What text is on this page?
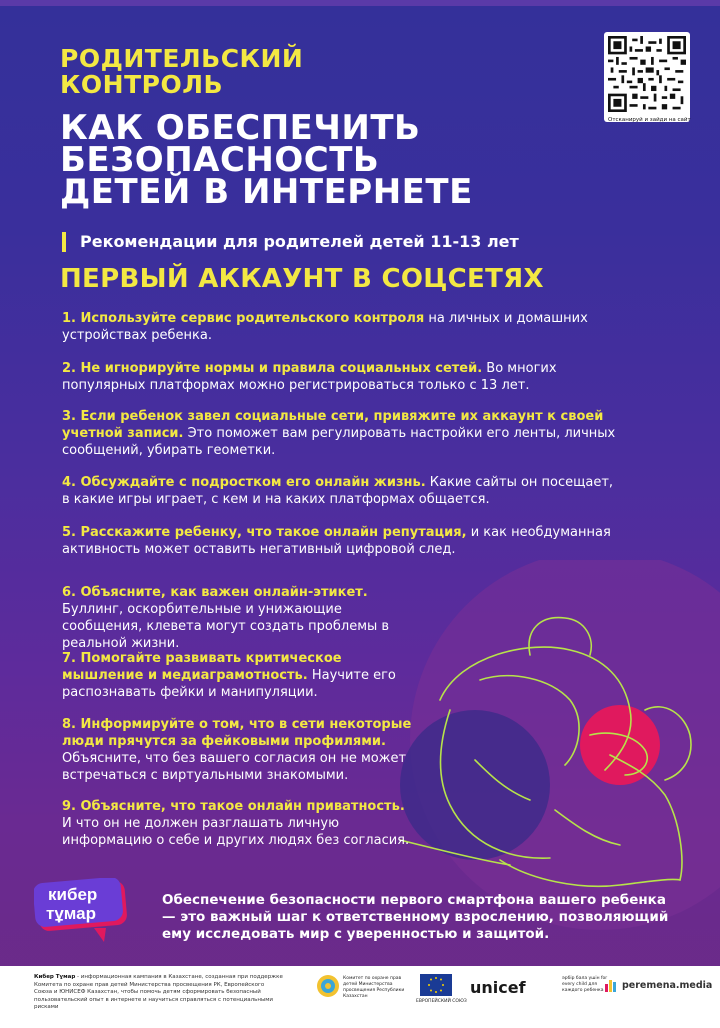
РОДИТЕЛЬСКИЙ
КОНТРОЛЬ
КАК ОБЕСПЕЧИТЬ
БЕЗОПАСНОСТЬ
ДЕТЕЙ В ИНТЕРНЕТЕ
Рекомендации для родителей детей 11-13 лет
Отсканируй и зайди на сайт
ПЕРВЫЙ АККАУНТ В СОЦСЕТЯХ
1. Используйте сервис родительского контроля на личных и домашних устройствах ребенка.
2. Не игнорируйте нормы и правила социальных сетей. Во многих популярных платформах можно регистрироваться только с 13 лет.
3. Если ребенок завел социальные сети, привяжите их аккаунт к своей учетной записи. Это поможет вам регулировать настройки его ленты, личных сообщений, убирать геометки.
4. Обсуждайте с подростком его онлайн жизнь. Какие сайты он посещает, в какие игры играет, с кем и на каких платформах общается.
5. Расскажите ребенку, что такое онлайн репутация, и как необдуманная активность может оставить негативный цифровой след.
6. Объясните, как важен онлайн-этикет. Буллинг, оскорбительные и унижающие сообщения, клевета могут создать проблемы в реальной жизни.
7. Помогайте развивать критическое мышление и медиаграмотность. Научите его распознавать фейки и манипуляции.
8. Информируйте о том, что в сети некоторые люди прячутся за фейковыми профилями. Объясните, что без вашего согласия он не может встречаться с виртуальными знакомыми.
9. Объясните, что такое онлайн приватность. И что он не должен разглашать личную информацию о себе и других людях без согласия.
кибер
тұмар
Обеспечение безопасности первого смартфона вашего ребенка — это важный шаг к ответственному взрослению, позволяющий ему исследовать мир с уверенностью и защитой.
Кибер Тұмар - информационная кампания в Казахстане, созданная при поддержке Комитета по охране прав детей Министерства просвещения РК, Европейского Союза и ЮНИСЕФ Казахстан, чтобы помочь детям сформировать безопасный пользовательский опыт в интернете и научиться справляться с потенциальными рисками
Комитет по охране прав детей Министерства просвещения Республики Казахстан
ЕВРОПЕЙСКИЙ СОЮЗ
unicef	әрбір бала үшін for every child для каждого ребенка	peremena.media
